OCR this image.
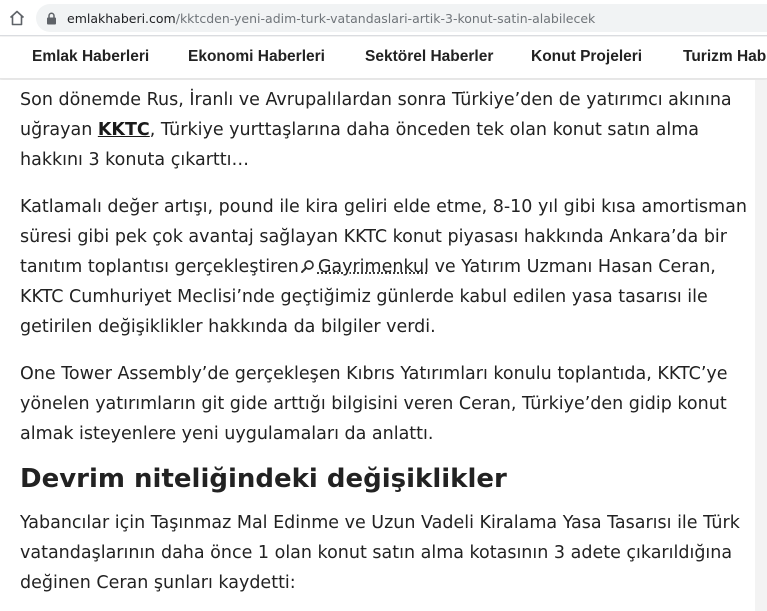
emlakhaberi.com /kktcden-yeni-adim-turk-vatandaslari-artik-3-konut-satin-alabilecek
Emlak Haberleri	Ekonomi Haberleri	Sektörel Haberler Konut Projeleri	Turizm Hab

Son dönemde Rus, İranlı ve Avrupalılardan sonra Türkiye’den de yatırımcı akınına uğrayan KKTC, Türkiye yurttaşlarına daha önceden tek olan konut satın alma hakkını 3 konuta çıkarttı…

Katlamalı değer artışı, pound ile kira geliri elde etme, 8-10 yıl gibi kısa amortisman süresi gibi pek çok avantaj sağlayan KKTC konut piyasası hakkında Ankara’da bir tanıtım toplantısı gerçekleştiren Gayrimenkul ve Yatırım Uzmanı Hasan Ceran, KKTC Cumhuriyet Meclisi’nde geçtiğimiz günlerde kabul edilen yasa tasarısı ile getirilen değişiklikler hakkında da bilgiler verdi.

One Tower Assembly’de gerçekleşen Kıbrıs Yatırımları konulu toplantıda, KKTC’ye yönelen yatırımların git gide arttığı bilgisini veren Ceran, Türkiye’den gidip konut almak isteyenlere yeni uygulamaları da anlattı.

Devrim niteliğindeki değişiklikler

Yabancılar için Taşınmaz Mal Edinme ve Uzun Vadeli Kiralama Yasa Tasarısı ile Türk vatandaşlarının daha önce 1 olan konut satın alma kotasının 3 adete çıkarıldığına değinen Ceran şunları kaydetti:
